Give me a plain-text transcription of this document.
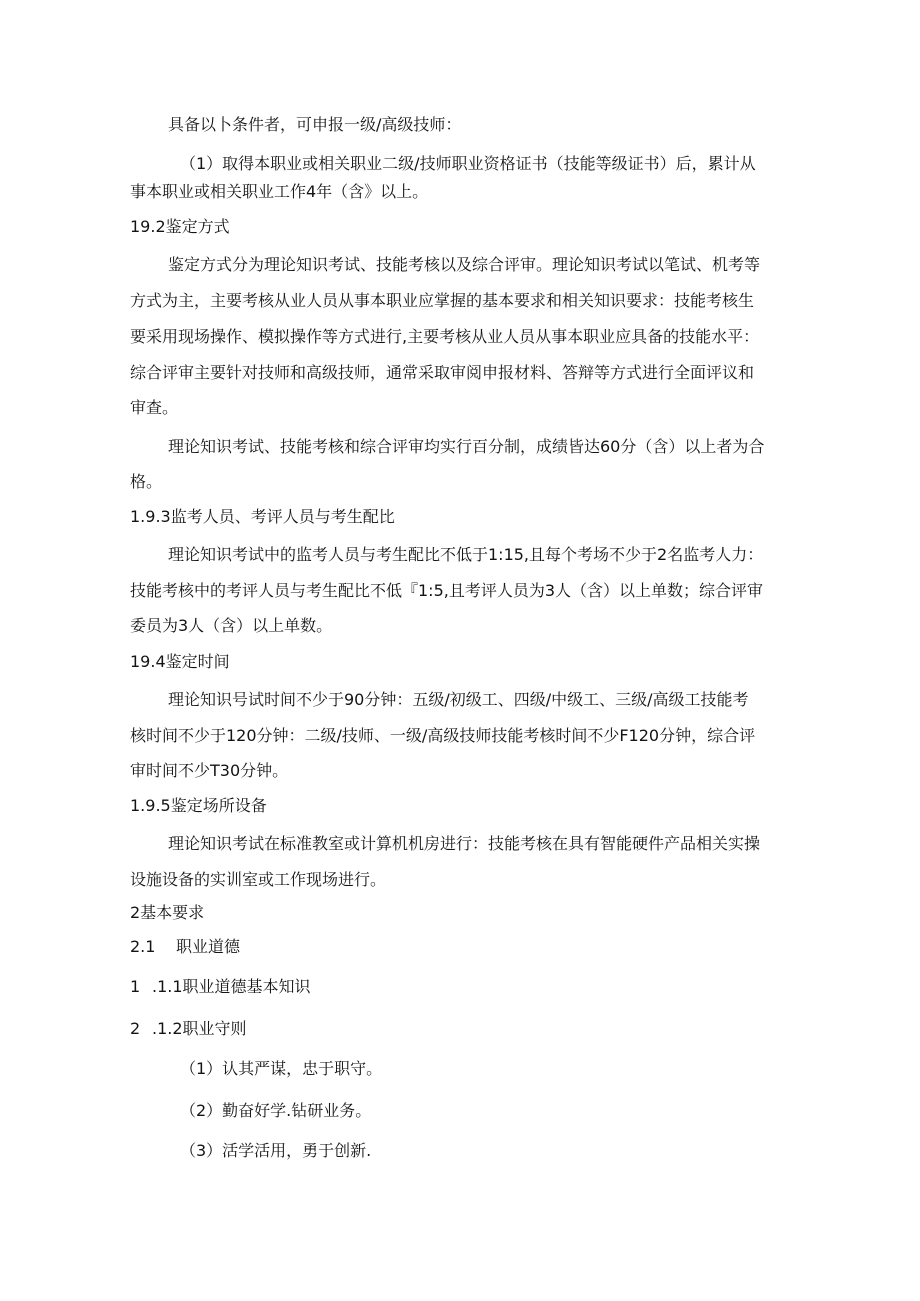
具备以卜条件者，可申报一级/高级技师：
（1）取得本职业或相关职业二级/技师职业资格证书（技能等级证书）后，累计从
事本职业或相关职业工作4年（含》以上。
19.2鉴定方式
鉴定方式分为理论知识考试、技能考核以及综合评审。理论知识考试以笔试、机考等
方式为主，主要考核从业人员从事本职业应掌握的基本要求和相关知识要求：技能考核生
要采用现场操作、模拟操作等方式进行,主要考核从业人员从事本职业应具备的技能水平：
综合评审主要针对技师和高级技师，通常采取审阅申报材料、答辩等方式进行全面评议和
审查。
理论知识考试、技能考核和综合评审均实行百分制，成绩皆达60分（含）以上者为合
格。
1.9.3监考人员、考评人员与考生配比
理论知识考试中的监考人员与考生配比不低于1:15,且每个考场不少于2名监考人力：
技能考核中的考评人员与考生配比不低『1:5,且考评人员为3人（含）以上单数；综合评审
委员为3人（含）以上单数。
19.4鉴定时间
理论知识号试时间不少于90分钟：五级/初级工、四级/中级工、三级/高级工技能考
核时间不少于120分钟：二级/技师、一级/高级技师技能考核时间不少F120分钟，综合评
审时间不少T30分钟。
1.9.5鉴定场所设备
理论知识考试在标准教室或计算机机房进行：技能考核在具有智能硬件产品相关实操
设施设备的实训室或工作现场进行。
2基本要求
2.1 职业道德
1 .1.1职业道德基本知识
2 .1.2职业守则
（1）认其严谋，忠于职守。
（2）勤奋好学.钻研业务。
（3）活学活用，勇于创新.
